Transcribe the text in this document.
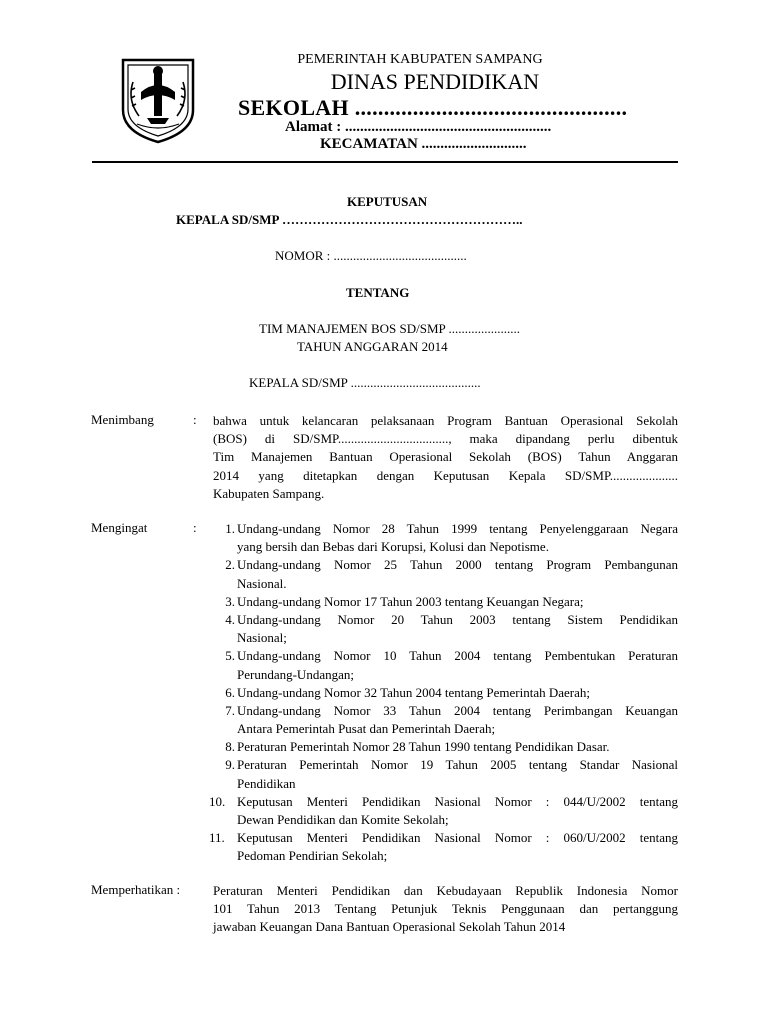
PEMERINTAH KABUPATEN SAMPANG
DINAS PENDIDIKAN
SEKOLAH ...............................................
Alamat : .......................................................
KECAMATAN ............................
KEPUTUSAN
KEPALA SD/SMP ………………………………………………..
NOMOR : .........................................
TENTANG
TIM MANAJEMEN BOS SD/SMP ......................
TAHUN ANGGARAN 2014
KEPALA SD/SMP ........................................
Menimbang	: bahwa untuk kelancaran pelaksanaan Program Bantuan Operasional Sekolah
(BOS) di SD/SMP.................................., maka dipandang perlu dibentuk
Tim Manajemen Bantuan Operasional Sekolah (BOS) Tahun Anggaran
2014 yang ditetapkan dengan Keputusan Kepala SD/SMP.....................
Kabupaten Sampang.
Mengingat	:	1. Undang-undang Nomor 28 Tahun 1999 tentang Penyelenggaraan Negara
yang bersih dan Bebas dari Korupsi, Kolusi dan Nepotisme.
2. Undang-undang Nomor 25 Tahun 2000 tentang Program Pembangunan
Nasional.
3. Undang-undang Nomor 17 Tahun 2003 tentang Keuangan Negara;
4. Undang-undang Nomor 20 Tahun 2003 tentang Sistem Pendidikan
Nasional;
5. Undang-undang Nomor 10 Tahun 2004 tentang Pembentukan Peraturan
Perundang-Undangan;
6. Undang-undang Nomor 32 Tahun 2004 tentang Pemerintah Daerah;
7. Undang-undang Nomor 33 Tahun 2004 tentang Perimbangan Keuangan
Antara Pemerintah Pusat dan Pemerintah Daerah;
8. Peraturan Pemerintah Nomor 28 Tahun 1990 tentang Pendidikan Dasar.
9. Peraturan Pemerintah Nomor 19 Tahun 2005 tentang Standar Nasional
Pendidikan
10. Keputusan Menteri Pendidikan Nasional Nomor : 044/U/2002 tentang
Dewan Pendidikan dan Komite Sekolah;
11. Keputusan Menteri Pendidikan Nasional Nomor : 060/U/2002 tentang
Pedoman Pendirian Sekolah;
Memperhatikan :	Peraturan Menteri Pendidikan dan Kebudayaan Republik Indonesia Nomor
101 Tahun 2013 Tentang Petunjuk Teknis Penggunaan dan pertanggung
jawaban Keuangan Dana Bantuan Operasional Sekolah Tahun 2014
